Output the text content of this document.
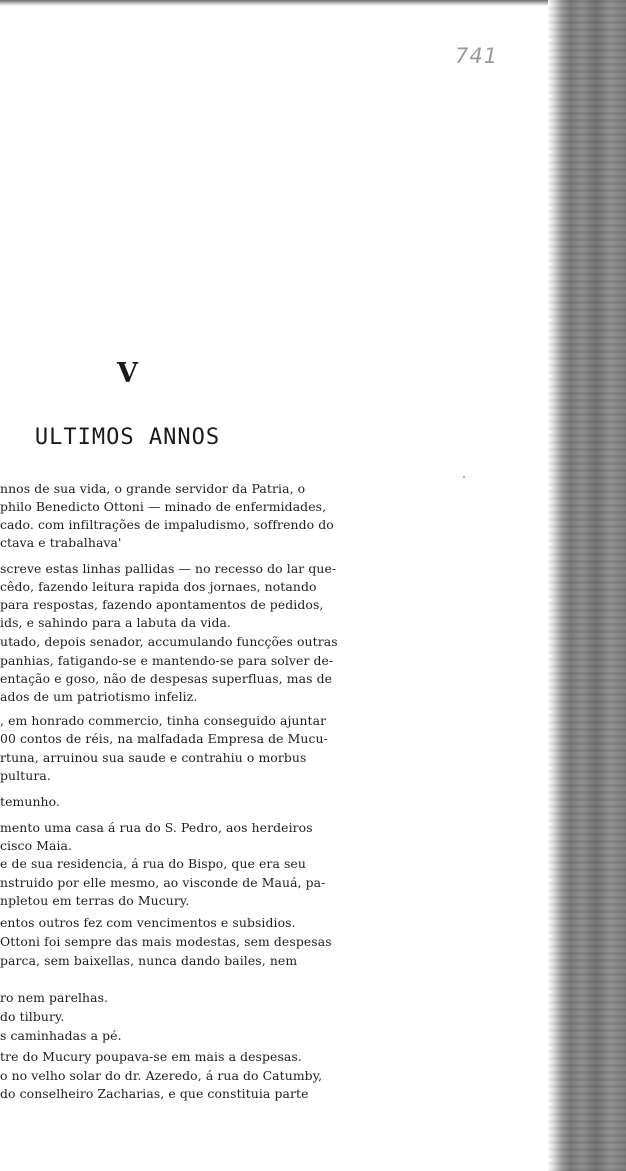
741
V
ULTIMOS ANNOS
nnos de sua vida, o grande servidor da Patria, o
philo Benedicto Ottoni — minado de enfermidades,
cado. com infiltrações de impaludismo, soffrendo do
ctava e trabalhava'
screve estas linhas pallidas — no recesso do lar que-
cêdo, fazendo leitura rapida dos jornaes, notando
para respostas, fazendo apontamentos de pedidos,
ids, e sahindo para a labuta da vida.
utado, depois senador, accumulando funcções outras
panhias, fatigando-se e mantendo-se para solver de-
entação e goso, não de despesas superfluas, mas de
ados de um patriotismo infeliz.
, em honrado commercio, tinha conseguido ajuntar
00 contos de réis, na malfadada Empresa de Mucu-
rtuna, arruinou sua saude e contrahiu o morbus
pultura.
temunho.
mento uma casa á rua do S. Pedro, aos herdeiros
cisco Maia.
e de sua residencia, á rua do Bispo, que era seu
nstruido por elle mesmo, ao visconde de Mauá, pa-
npletou em terras do Mucury.
entos outros fez com vencimentos e subsidios.
Ottoni foi sempre das mais modestas, sem despesas
parca, sem baixellas, nunca dando bailes, nem
ro nem parelhas.
do tilbury.
s caminhadas a pé.
tre do Mucury poupava-se em mais a despesas.
o no velho solar do dr. Azeredo, á rua do Catumby,
do conselheiro Zacharias, e que constituia parte
